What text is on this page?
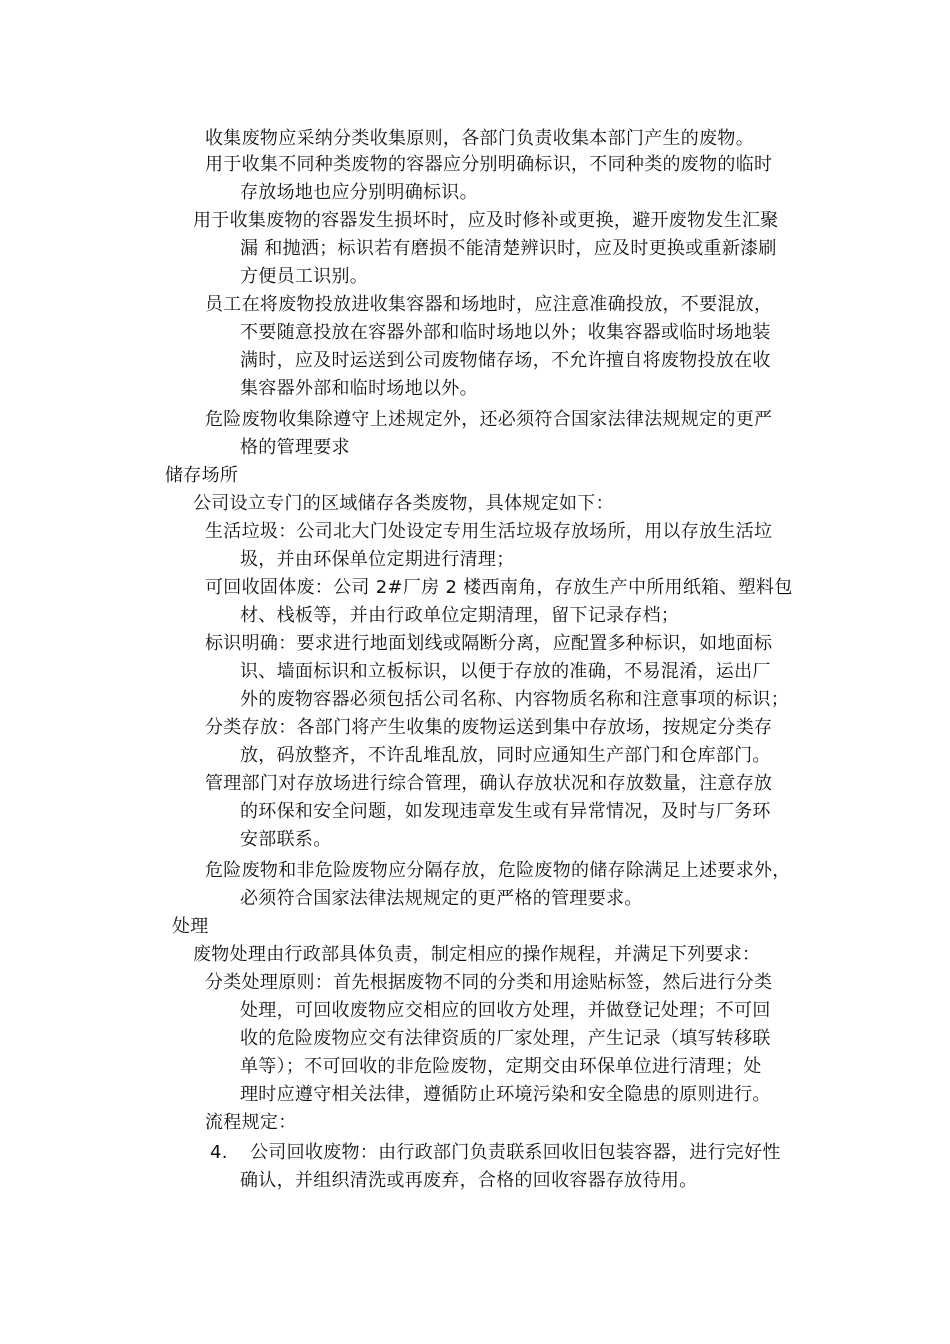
收集废物应采纳分类收集原则，各部门负责收集本部门产生的废物。
用于收集不同种类废物的容器应分别明确标识，不同种类的废物的临时
存放场地也应分别明确标识。
用于收集废物的容器发生损坏时，应及时修补或更换，避开废物发生汇聚
漏 和抛洒；标识若有磨损不能清楚辨识时，应及时更换或重新漆刷
方便员工识别。
员工在将废物投放进收集容器和场地时，应注意准确投放，不要混放，
不要随意投放在容器外部和临时场地以外；收集容器或临时场地装
满时，应及时运送到公司废物储存场，不允许擅自将废物投放在收
集容器外部和临时场地以外。
危险废物收集除遵守上述规定外，还必须符合国家法律法规规定的更严
格的管理要求
储存场所
公司设立专门的区域储存各类废物，具体规定如下：
生活垃圾：公司北大门处设定专用生活垃圾存放场所，用以存放生活垃
圾，并由环保单位定期进行清理；
可回收固体废：公司 2#厂房 2 楼西南角，存放生产中所用纸箱、塑料包
材、栈板等，并由行政单位定期清理，留下记录存档；
标识明确：要求进行地面划线或隔断分离，应配置多种标识，如地面标
识、墙面标识和立板标识，以便于存放的准确，不易混淆，运出厂
外的废物容器必须包括公司名称、内容物质名称和注意事项的标识；
分类存放：各部门将产生收集的废物运送到集中存放场，按规定分类存
放，码放整齐，不许乱堆乱放，同时应通知生产部门和仓库部门。
管理部门对存放场进行综合管理，确认存放状况和存放数量，注意存放
的环保和安全问题，如发现违章发生或有异常情况，及时与厂务环
安部联系。
危险废物和非危险废物应分隔存放，危险废物的储存除满足上述要求外，
必须符合国家法律法规规定的更严格的管理要求。
处理
废物处理由行政部具体负责，制定相应的操作规程，并满足下列要求：
分类处理原则：首先根据废物不同的分类和用途贴标签，然后进行分类
处理，可回收废物应交相应的回收方处理，并做登记处理；不可回
收的危险废物应交有法律资质的厂家处理，产生记录（填写转移联
单等）；不可回收的非危险废物，定期交由环保单位进行清理；处
理时应遵守相关法律，遵循防止环境污染和安全隐患的原则进行。
流程规定：
4. 公司回收废物：由行政部门负责联系回收旧包装容器，进行完好性
确认，并组织清洗或再废弃，合格的回收容器存放待用。
